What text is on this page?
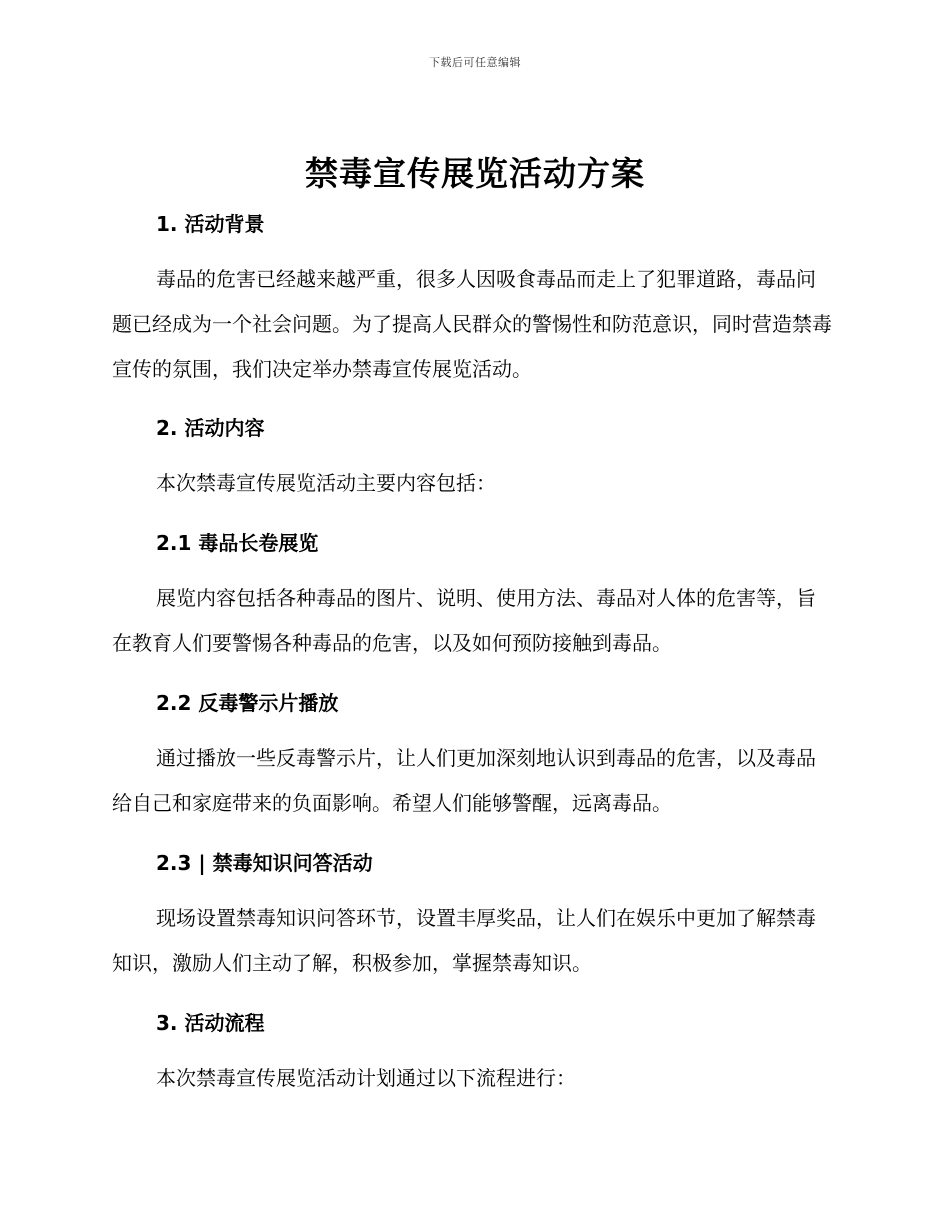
下载后可任意编辑
禁毒宣传展览活动方案
1. 活动背景
毒品的危害已经越来越严重，很多人因吸食毒品而走上了犯罪道路，毒品问题已经成为一个社会问题。为了提高人民群众的警惕性和防范意识，同时营造禁毒宣传的氛围，我们决定举办禁毒宣传展览活动。
2. 活动内容
本次禁毒宣传展览活动主要内容包括：
2.1 毒品长卷展览
展览内容包括各种毒品的图片、说明、使用方法、毒品对人体的危害等，旨在教育人们要警惕各种毒品的危害，以及如何预防接触到毒品。
2.2 反毒警示片播放
通过播放一些反毒警示片，让人们更加深刻地认识到毒品的危害，以及毒品给自己和家庭带来的负面影响。希望人们能够警醒，远离毒品。
2.3 | 禁毒知识问答活动
现场设置禁毒知识问答环节，设置丰厚奖品，让人们在娱乐中更加了解禁毒知识，激励人们主动了解，积极参加，掌握禁毒知识。
3. 活动流程
本次禁毒宣传展览活动计划通过以下流程进行：
